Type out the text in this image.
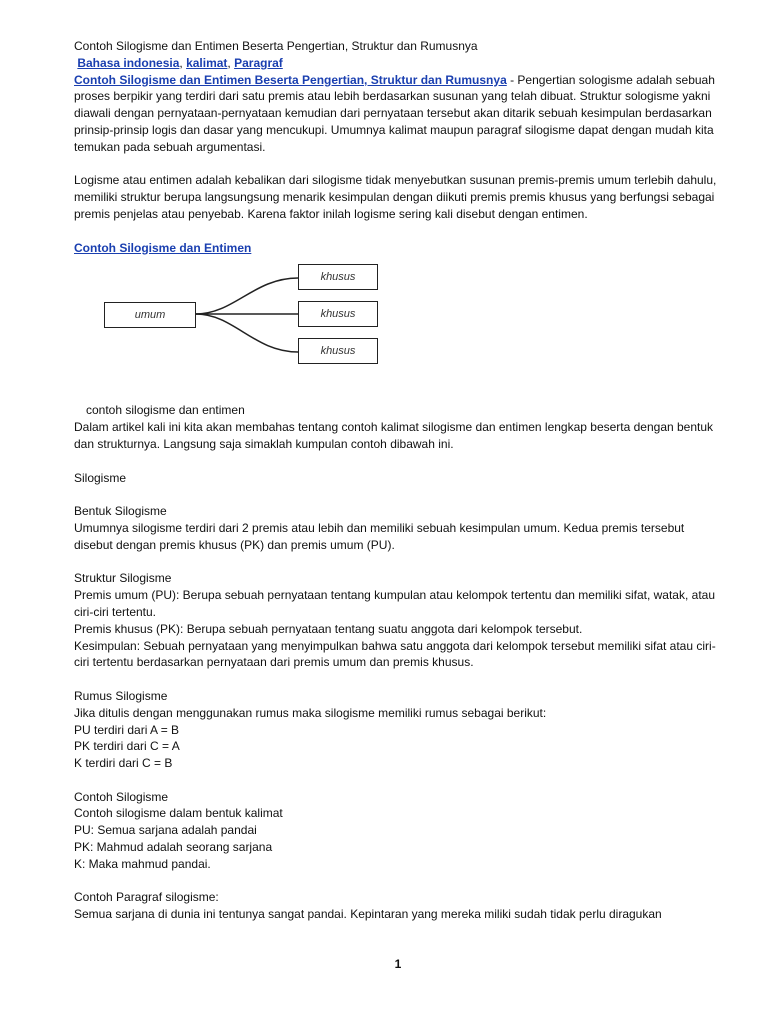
Contoh Silogisme dan Entimen Beserta Pengertian, Struktur dan Rumusnya

Bahasa indonesia, kalimat, Paragraf

Contoh Silogisme dan Entimen Beserta Pengertian, Struktur dan Rumusnya - Pengertian sologisme adalah sebuah proses berpikir yang terdiri dari satu premis atau lebih berdasarkan susunan yang telah dibuat. Struktur sologisme yakni diawali dengan pernyataan-pernyataan kemudian dari pernyataan tersebut akan ditarik sebuah kesimpulan berdasarkan prinsip-prinsip logis dan dasar yang mencukupi. Umumnya kalimat maupun paragraf silogisme dapat dengan mudah kita temukan pada sebuah argumentasi.

Logisme atau entimen adalah kebalikan dari silogisme tidak menyebutkan susunan premis-premis umum terlebih dahulu, memiliki struktur berupa langsungsung menarik kesimpulan dengan diikuti premis premis khusus yang berfungsi sebagai premis penjelas atau penyebab. Karena faktor inilah logisme sering kali disebut dengan entimen.

Contoh Silogisme dan Entimen

umum
khusus
khusus
khusus

contoh silogisme dan entimen

Dalam artikel kali ini kita akan membahas tentang contoh kalimat silogisme dan entimen lengkap beserta dengan bentuk dan strukturnya. Langsung saja simaklah kumpulan contoh dibawah ini.

Silogisme

Bentuk Silogisme

Umumnya silogisme terdiri dari 2 premis atau lebih dan memiliki sebuah kesimpulan umum. Kedua premis tersebut disebut dengan premis khusus (PK) dan premis umum (PU).

Struktur Silogisme

Premis umum (PU): Berupa sebuah pernyataan tentang kumpulan atau kelompok tertentu dan memiliki sifat, watak, atau ciri-ciri tertentu.

Premis khusus (PK): Berupa sebuah pernyataan tentang suatu anggota dari kelompok tersebut.

Kesimpulan: Sebuah pernyataan yang menyimpulkan bahwa satu anggota dari kelompok tersebut memiliki sifat atau ciri-ciri tertentu berdasarkan pernyataan dari premis umum dan premis khusus.

Rumus Silogisme

Jika ditulis dengan menggunakan rumus maka silogisme memiliki rumus sebagai berikut:

PU terdiri dari A = B

PK terdiri dari C = A

K terdiri dari C = B

Contoh Silogisme

Contoh silogisme dalam bentuk kalimat

PU: Semua sarjana adalah pandai

PK: Mahmud adalah seorang sarjana

K: Maka mahmud pandai.

Contoh Paragraf silogisme:

Semua sarjana di dunia ini tentunya sangat pandai. Kepintaran yang mereka miliki sudah tidak perlu diragukan

1
